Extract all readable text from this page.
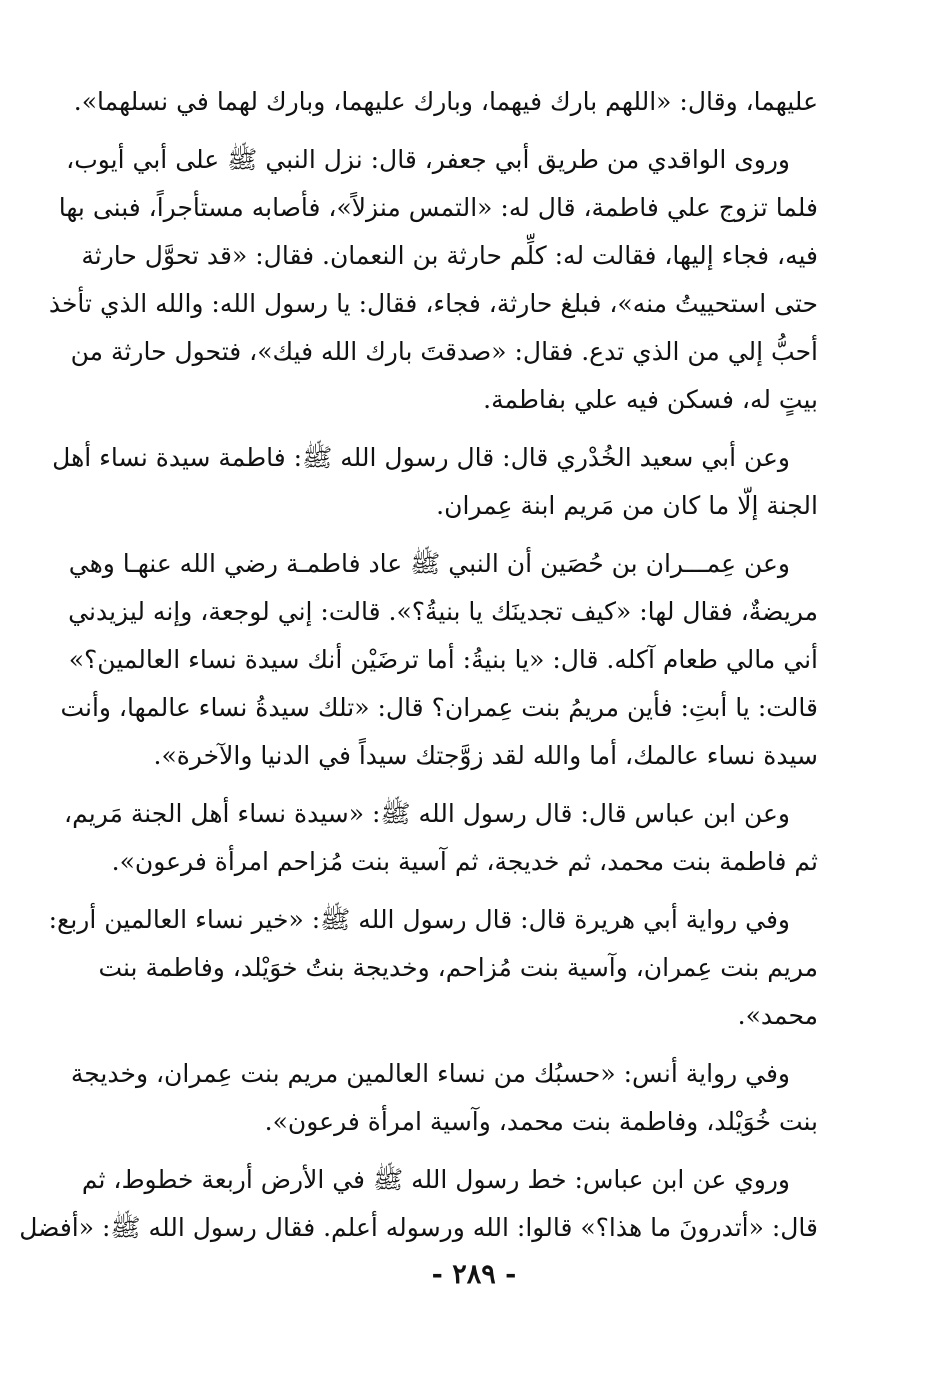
عليهما، وقال: «اللهم بارك فيهما، وبارك عليهما، وبارك لهما في نسلهما».
وروى الواقدي من طريق أبي جعفر، قال: نزل النبي ﷺ على أبي أيوب،
فلما تزوج علي فاطمة، قال له: «التمس منزلاً»، فأصابه مستأجراً، فبنى بها
فيه، فجاء إليها، فقالت له: كلِّم حارثة بن النعمان. فقال: «قد تحوَّل حارثة
حتى استحييتُ منه»، فبلغ حارثة، فجاء، فقال: يا رسول الله: والله الذي تأخذ
أحبُّ إلي من الذي تدع. فقال: «صدقتَ بارك الله فيك»، فتحول حارثة من
بيتٍ له، فسكن فيه علي بفاطمة.
وعن أبي سعيد الخُدْري قال: قال رسول الله ﷺ: فاطمة سيدة نساء أهل
الجنة إلّا ما كان من مَريم ابنة عِمران.
وعن عِمـــران بن حُصَين أن النبي ﷺ عاد فاطمـة رضي الله عنهـا وهي
مريضةٌ، فقال لها: «كيف تجدينَك يا بنيةُ؟». قالت: إني لوجعة، وإنه ليزيدني
أني مالي طعام آكله. قال: «يا بنيةُ: أما ترضَيْن أنك سيدة نساء العالمين؟»
قالت: يا أبتِ: فأين مريمُ بنت عِمران؟ قال: «تلك سيدةُ نساء عالمها، وأنت
سيدة نساء عالمك، أما والله لقد زوَّجتك سيداً في الدنيا والآخرة».
وعن ابن عباس قال: قال رسول الله ﷺ: «سيدة نساء أهل الجنة مَريم،
ثم فاطمة بنت محمد، ثم خديجة، ثم آسية بنت مُزاحم امرأة فرعون».
وفي رواية أبي هريرة قال: قال رسول الله ﷺ: «خير نساء العالمين أربع:
مريم بنت عِمران، وآسية بنت مُزاحم، وخديجة بنتُ خوَيْلد، وفاطمة بنت
محمد».
وفي رواية أنس: «حسبُك من نساء العالمين مريم بنت عِمران، وخديجة
بنت خُوَيْلد، وفاطمة بنت محمد، وآسية امرأة فرعون».
وروي عن ابن عباس: خط رسول الله ﷺ في الأرض أربعة خطوط، ثم
قال: «أتدرونَ ما هذا؟» قالوا: الله ورسوله أعلم. فقال رسول الله ﷺ: «أفضل
- ٢٨٩ -
